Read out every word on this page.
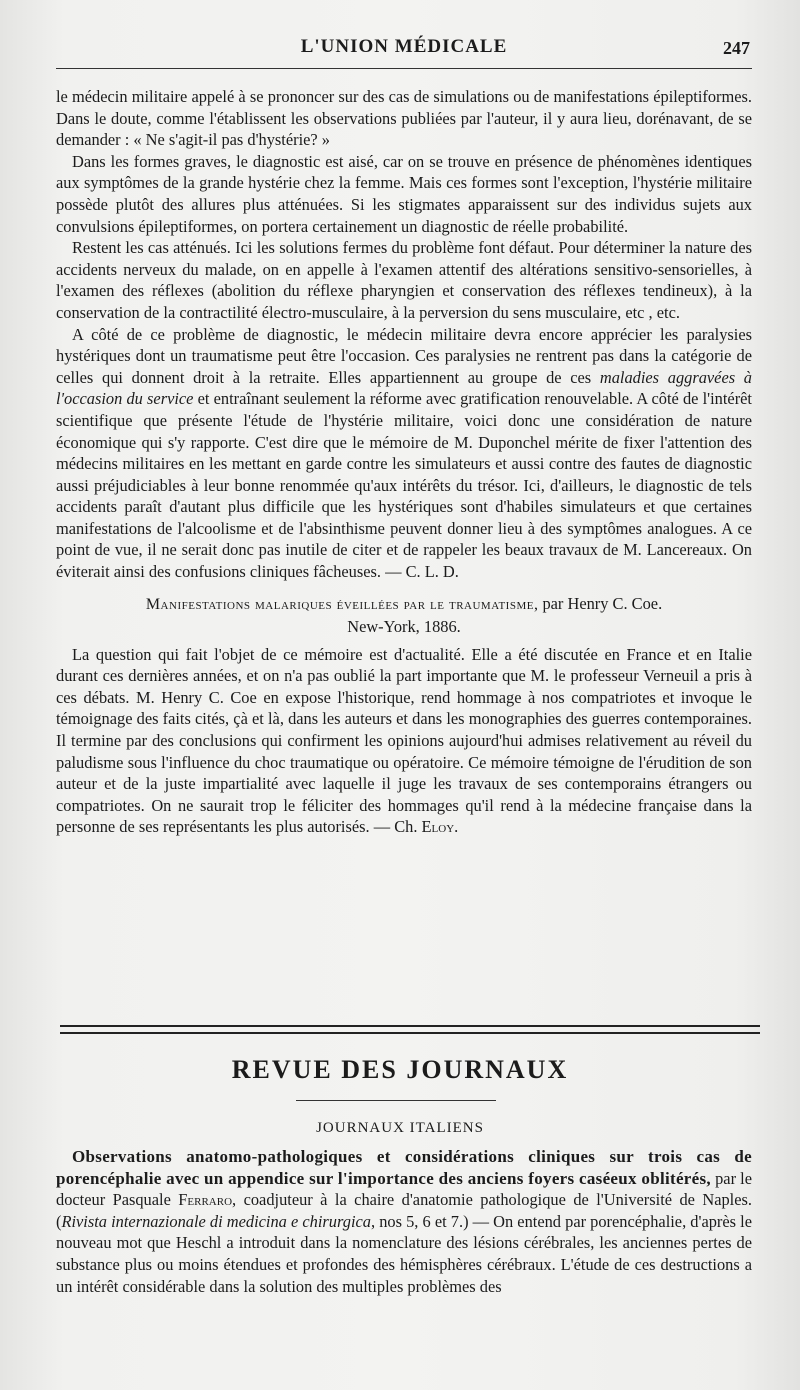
L'UNION MÉDICALE	247

le médecin militaire appelé à se prononcer sur des cas de simulations ou de manifestations épileptiformes. Dans le doute, comme l'établissent les observations publiées par l'auteur, il y aura lieu, dorénavant, de se demander : « Ne s'agit-il pas d'hystérie? »

Dans les formes graves, le diagnostic est aisé, car on se trouve en présence de phénomènes identiques aux symptômes de la grande hystérie chez la femme. Mais ces formes sont l'exception, l'hystérie militaire possède plutôt des allures plus atténuées. Si les stigmates apparaissent sur des individus sujets aux convulsions épileptiformes, on portera certainement un diagnostic de réelle probabilité.

Restent les cas atténués. Ici les solutions fermes du problème font défaut. Pour déterminer la nature des accidents nerveux du malade, on en appelle à l'examen attentif des altérations sensitivo-sensorielles, à l'examen des réflexes (abolition du réflexe pharyngien et conservation des réflexes tendineux), à la conservation de la contractilité électro-musculaire, à la perversion du sens musculaire, etc , etc.

A côté de ce problème de diagnostic, le médecin militaire devra encore apprécier les paralysies hystériques dont un traumatisme peut être l'occasion. Ces paralysies ne rentrent pas dans la catégorie de celles qui donnent droit à la retraite. Elles appartiennent au groupe de ces maladies aggravées à l'occasion du service et entraînant seulement la réforme avec gratification renouvelable. A côté de l'intérêt scientifique que présente l'étude de l'hystérie militaire, voici donc une considération de nature économique qui s'y rapporte. C'est dire que le mémoire de M. Duponchel mérite de fixer l'attention des médecins militaires en les mettant en garde contre les simulateurs et aussi contre des fautes de diagnostic aussi préjudiciables à leur bonne renommée qu'aux intérêts du trésor. Ici, d'ailleurs, le diagnostic de tels accidents paraît d'autant plus difficile que les hystériques sont d'habiles simulateurs et que certaines manifestations de l'alcoolisme et de l'absinthisme peuvent donner lieu à des symptômes analogues. A ce point de vue, il ne serait donc pas inutile de citer et de rappeler les beaux travaux de M. Lancereaux. On éviterait ainsi des confusions cliniques fâcheuses. — C. L. D.

Manifestations malariques éveillées par le traumatisme, par Henry C. Coe.
New-York, 1886.

La question qui fait l'objet de ce mémoire est d'actualité. Elle a été discutée en France et en Italie durant ces dernières années, et on n'a pas oublié la part importante que M. le professeur Verneuil a pris à ces débats. M. Henry C. Coe en expose l'historique, rend hommage à nos compatriotes et invoque le témoignage des faits cités, çà et là, dans les auteurs et dans les monographies des guerres contemporaines. Il termine par des conclusions qui confirment les opinions aujourd'hui admises relativement au réveil du paludisme sous l'influence du choc traumatique ou opératoire. Ce mémoire témoigne de l'érudition de son auteur et de la juste impartialité avec laquelle il juge les travaux de ses contemporains étrangers ou compatriotes. On ne saurait trop le féliciter des hommages qu'il rend à la médecine française dans la personne de ses représentants les plus autorisés. — Ch. Eloy.

REVUE DES JOURNAUX
JOURNAUX ITALIENS

Observations anatomo-pathologiques et considérations cliniques sur trois cas de porencéphalie avec un appendice sur l'importance des anciens foyers caséeux oblitérés, par le docteur Pasquale Ferraro, coadjuteur à la chaire d'anatomie pathologique de l'Université de Naples. (Rivista internazionale di medicina e chirurgica, nos 5, 6 et 7.) — On entend par porencéphalie, d'après le nouveau mot que Heschl a introduit dans la nomenclature des lésions cérébrales, les anciennes pertes de substance plus ou moins étendues et profondes des hémisphères cérébraux. L'étude de ces destructions a un intérêt considérable dans la solution des multiples problèmes des
